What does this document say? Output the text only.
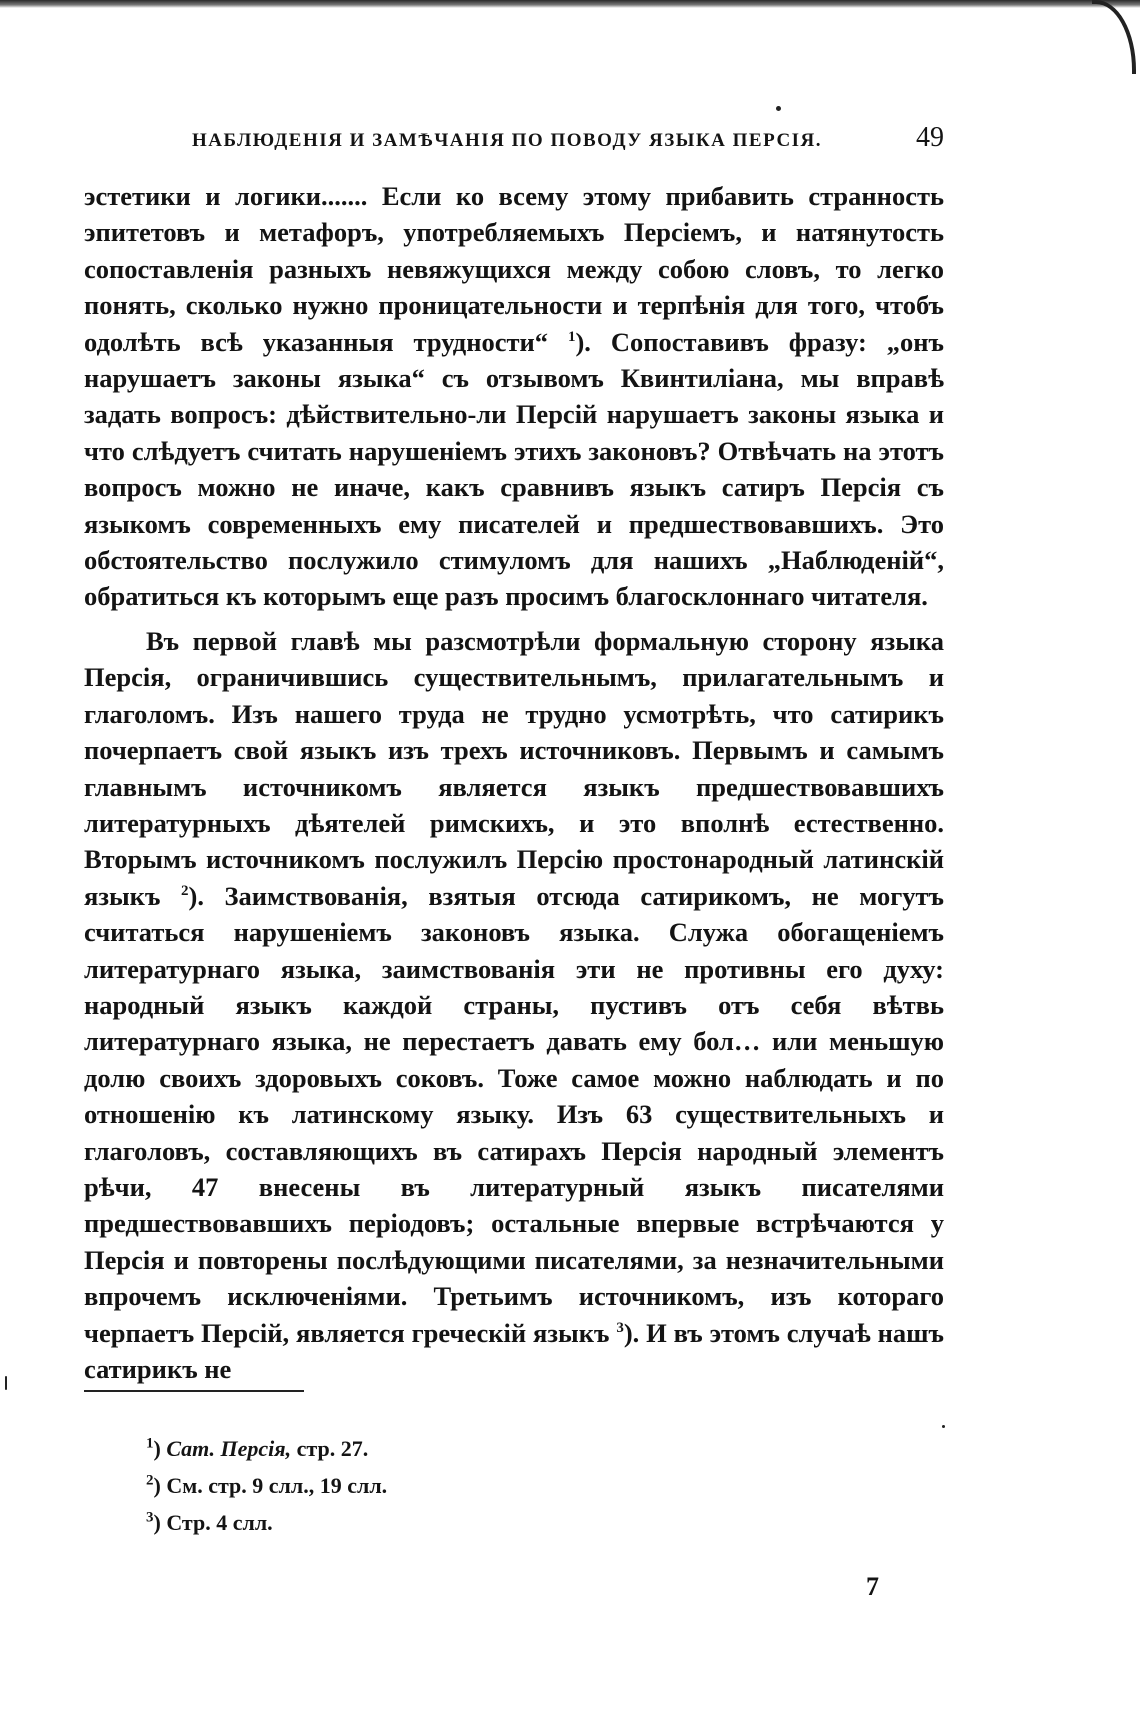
НАБЛЮДЕНІЯ И ЗАМѢЧАНІЯ ПО ПОВОДУ ЯЗЫКА ПЕРСІЯ.	49

эстетики и логики....... Если ко всему этому прибавить странность эпитетовъ и метафоръ, употребляемыхъ Персіемъ, и натянутость сопоставленія разныхъ невяжущихся между собою словъ, то легко понять, сколько нужно проницательности и терпѣнія для того, чтобъ одолѣть всѣ указанныя трудности“ $^1$). Сопоставивъ фразу: „онъ нарушаетъ законы языка“ съ отзывомъ Квинтиліана, мы вправѣ задать вопросъ: дѣйствительно-ли Персій нарушаетъ законы языка и что слѣдуетъ считать нарушеніемъ этихъ законовъ? Отвѣчать на этотъ вопросъ можно не иначе, какъ сравнивъ языкъ сатиръ Персія съ языкомъ современныхъ ему писателей и предшествовавшихъ. Это обстоятельство послужило стимуломъ для нашихъ „Наблюденій“, обратиться къ которымъ еще разъ просимъ благосклоннаго читателя.

Въ первой главѣ мы разсмотрѣли формальную сторону языка Персія, ограничившись существительнымъ, прилагательнымъ и глаголомъ. Изъ нашего труда не трудно усмотрѣть, что сатирикъ почерпаетъ свой языкъ изъ трехъ источниковъ. Первымъ и самымъ главнымъ источникомъ является языкъ предшествовавшихъ литературныхъ дѣятелей римскихъ, и это вполнѣ естественно. Вторымъ источникомъ послужилъ Персію простонародный латинскій языкъ $^2$). Заимствованія, взятыя отсюда сатирикомъ, не могутъ считаться нарушеніемъ законовъ языка. Служа обогащеніемъ литературнаго языка, заимствованія эти не противны его духу: народный языкъ каждой страны, пустивъ отъ себя вѣтвь литературнаго языка, не перестаетъ давать ему бол… или меньшую долю своихъ здоровыхъ соковъ. Тоже самое можно наблюдать и по отношенію къ латинскому языку. Изъ 63 существительныхъ и глаголовъ, составляющихъ въ сатирахъ Персія народный элементъ рѣчи, 47 внесены въ литературный языкъ писателями предшествовавшихъ періодовъ; остальные впервые встрѣчаются у Персія и повторены послѣдующими писателями, за незначительными впрочемъ исключеніями. Третьимъ источникомъ, изъ котораго черпаетъ Персій, является греческій языкъ $^3$). И въ этомъ случаѣ нашъ сатирикъ не

$^1$) Сат. Персія, стр. 27.
$^2$) См. стр. 9 слл., 19 слл.
$^3$) Стр. 4 слл.
7
